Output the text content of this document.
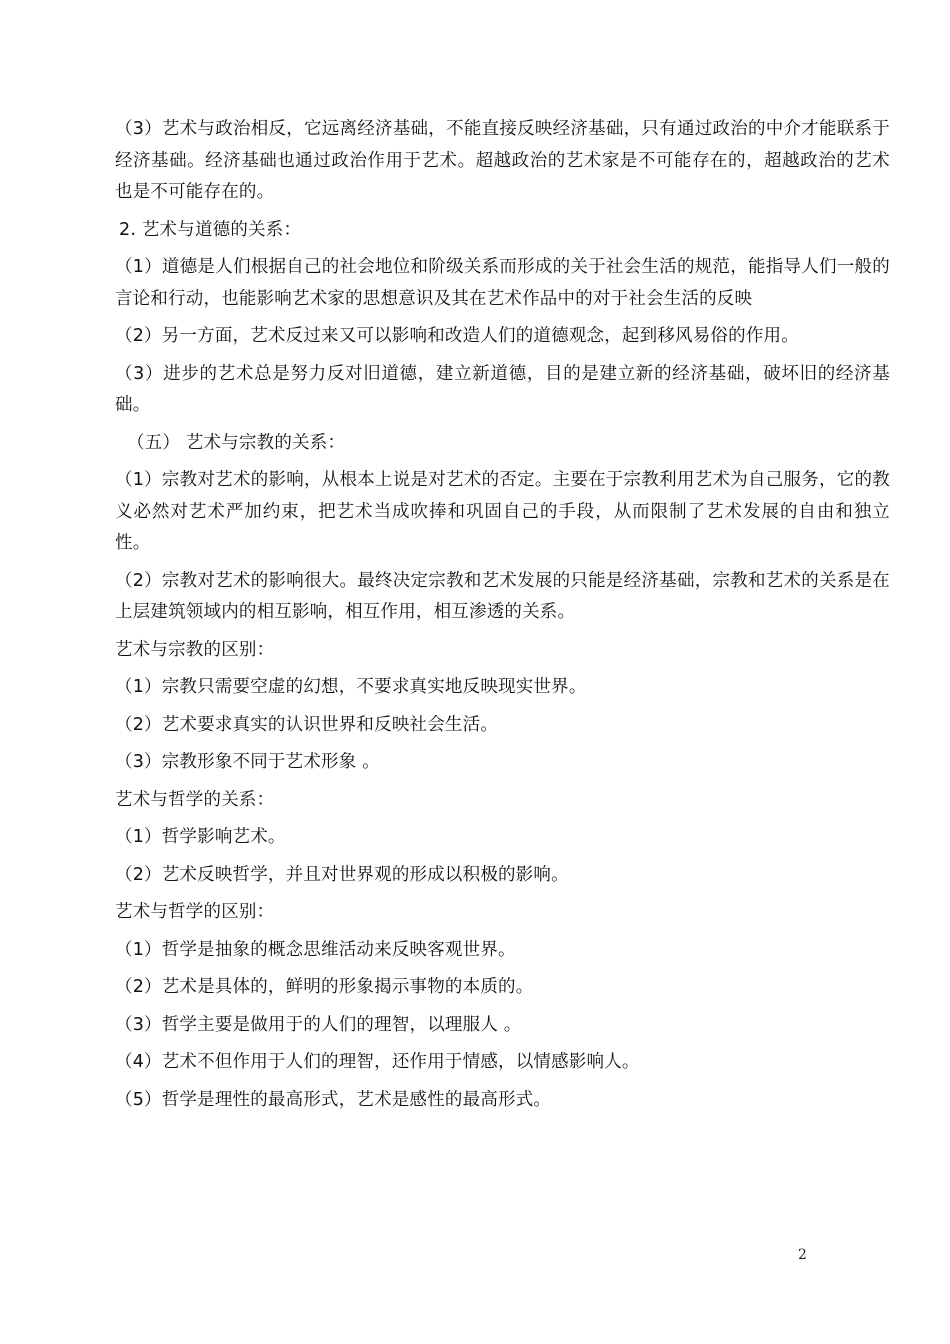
（3）艺术与政治相反，它远离经济基础，不能直接反映经济基础，只有通过政治的中介才能联系于经济基础。经济基础也通过政治作用于艺术。超越政治的艺术家是不可能存在的，超越政治的艺术也是不可能存在的。

2. 艺术与道德的关系：

（1）道德是人们根据自己的社会地位和阶级关系而形成的关于社会生活的规范，能指导人们一般的言论和行动，也能影响艺术家的思想意识及其在艺术作品中的对于社会生活的反映

（2）另一方面，艺术反过来又可以影响和改造人们的道德观念，起到移风易俗的作用。

（3）进步的艺术总是努力反对旧道德，建立新道德，目的是建立新的经济基础，破坏旧的经济基础。

（五） 艺术与宗教的关系：

（1）宗教对艺术的影响，从根本上说是对艺术的否定。主要在于宗教利用艺术为自己服务，它的教义必然对艺术严加约束，把艺术当成吹捧和巩固自己的手段，从而限制了艺术发展的自由和独立性。

（2）宗教对艺术的影响很大。最终决定宗教和艺术发展的只能是经济基础，宗教和艺术的关系是在上层建筑领域内的相互影响，相互作用，相互渗透的关系。

艺术与宗教的区别：

（1）宗教只需要空虚的幻想，不要求真实地反映现实世界。

（2）艺术要求真实的认识世界和反映社会生活。

（3）宗教形象不同于艺术形象 。

艺术与哲学的关系：

（1）哲学影响艺术。

（2）艺术反映哲学，并且对世界观的形成以积极的影响。

艺术与哲学的区别：

（1）哲学是抽象的概念思维活动来反映客观世界。

（2）艺术是具体的，鲜明的形象揭示事物的本质的。

（3）哲学主要是做用于的人们的理智，以理服人 。

（4）艺术不但作用于人们的理智，还作用于情感，以情感影响人。

（5）哲学是理性的最高形式，艺术是感性的最高形式。

2
